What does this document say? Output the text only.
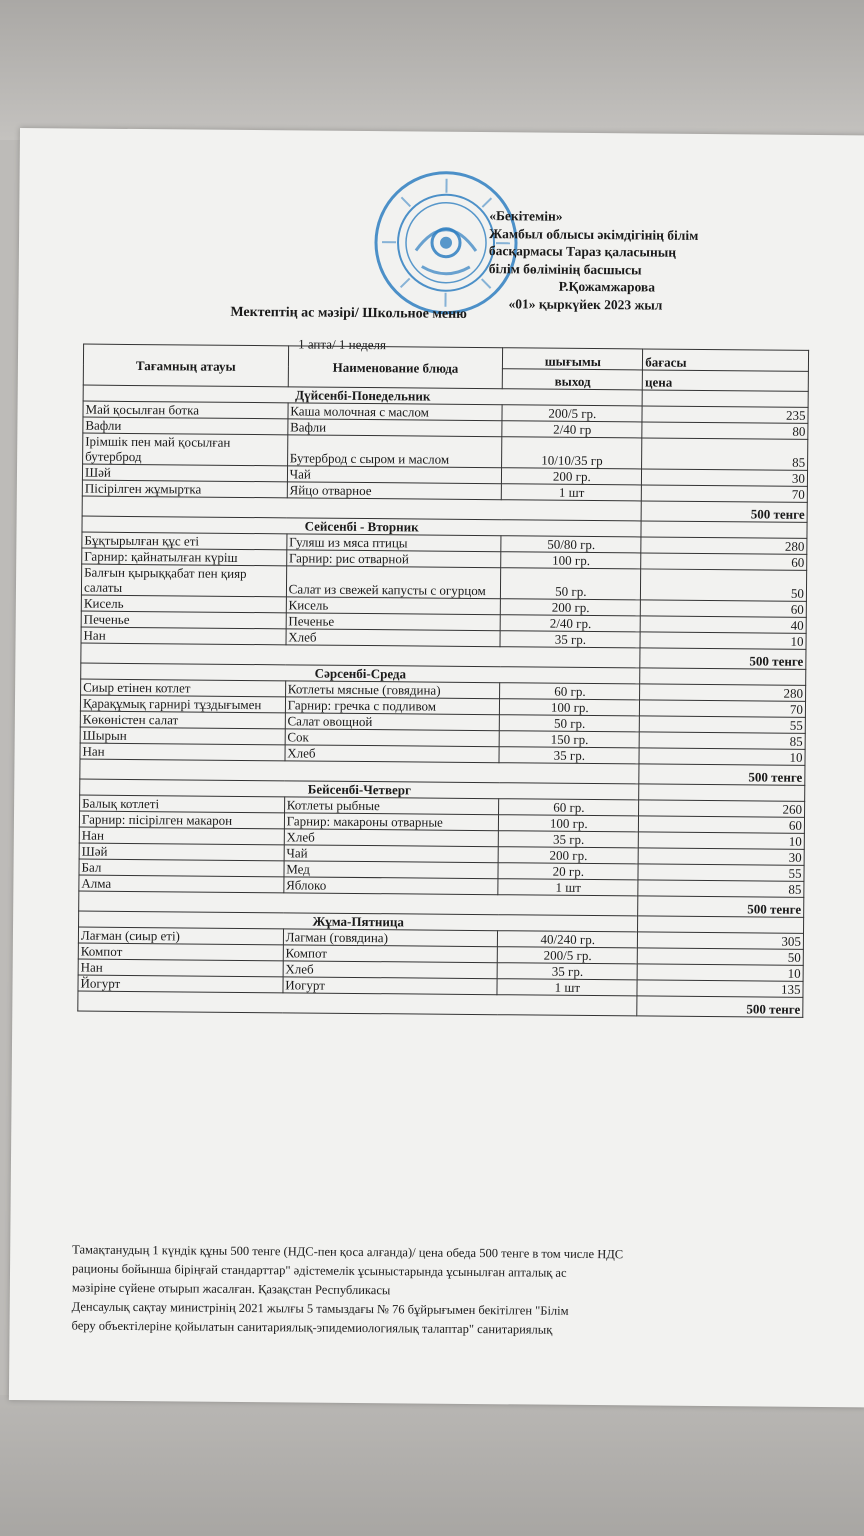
«Бекітемін»
Жамбыл облысы әкімдігінің білім
басқармасы Тараз қаласының
білім бөлімінің басшысы
Р.Қожамжарова
«01» қыркүйек 2023 жыл
Мектептің ас мәзірі/ Школьное меню
1 апта/ 1 неделя
Тағамның атауы	Наименование блюда	шығымы	бағасы
		выход	цена
Дүйсенбі-Понедельник			
Май қосылған ботка	Каша молочная с маслом	200/5 гр.	235
Вафли	Вафли	2/40 гр	80
Ірімшік пен май қосылған бутерброд	Бутерброд с сыром и маслом	10/10/35 гр	85
Шәй	Чай	200 гр.	30
Пісірілген жұмыртка	Яйцо отварное	1 шт	70
			500 тенге
Сейсенбі - Вторник			
Бұқтырылған құс еті	Гуляш из мяса птицы	50/80 гр.	280
Гарнир: қайнатылған күріш	Гарнир: рис отварной	100 гр.	60
Балғын қырыққабат пен қияр салаты	Салат из свежей капусты с огурцом	50 гр.	50
Кисель	Кисель	200 гр.	60
Печенье	Печенье	2/40 гр.	40
Нан	Хлеб	35 гр.	10
			500 тенге
Сәрсенбі-Среда			
Сиыр етінен котлет	Котлеты мясные (говядина)	60 гр.	280
Қарақұмық гарнирі тұздығымен	Гарнир: гречка с подливом	100 гр.	70
Көкөністен салат	Салат овощной	50 гр.	55
Шырын	Сок	150 гр.	85
Нан	Хлеб	35 гр.	10
			500 тенге
Бейсенбі-Четверг			
Балық котлеті	Котлеты рыбные	60 гр.	260
Гарнир: пісірілген макарон	Гарнир: макароны отварные	100 гр.	60
Нан	Хлеб	35 гр.	10
Шәй	Чай	200 гр.	30
Бал	Мед	20 гр.	55
Алма	Яблоко	1 шт	85
			500 тенге
Жұма-Пятница			
Лағман (сиыр еті)	Лагман (говядина)	40/240 гр.	305
Компот	Компот	200/5 гр.	50
Нан	Хлеб	35 гр.	10
Йогурт	Иогурт	1 шт	135
			500 тенге

Тамақтанудың 1 күндік құны 500 тенге (НДС-пен қоса алғанда)/ цена обеда 500 тенге в том числе НДС

рационы бойынша біріңғай стандарттар" әдістемелік ұсыныстарында ұсынылған апталық ас

мәзіріне сүйене отырып жасалған. Қазақстан Республикасы

Денсаулық сақтау министрінің 2021 жылғы 5 тамыздағы № 76 бұйрығымен бекітілген "Білім

беру объектілеріне қойылатын санитариялық-эпидемиологиялық талаптар" санитариялық
